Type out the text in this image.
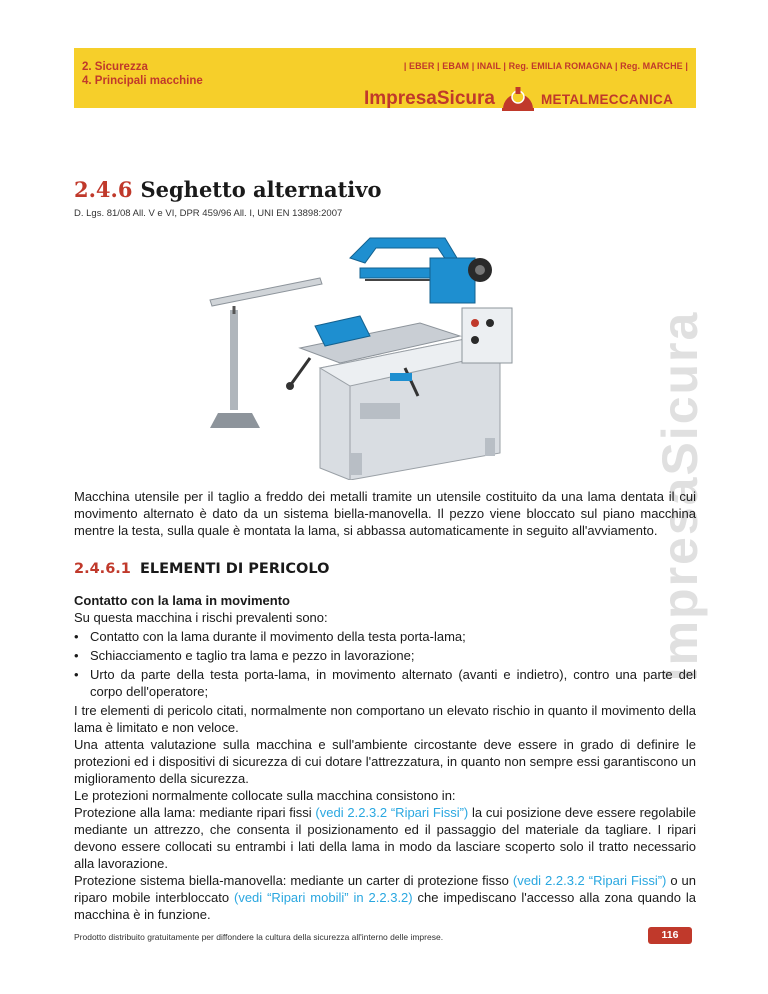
2. Sicurezza
4. Principali macchine
| EBER | EBAM | INAIL | Reg. EMILIA ROMAGNA | Reg. MARCHE |
ImpresaSicura	METALMECCANICA
ImpresaSicura
2.4.6 Seghetto alternativo
D. Lgs. 81/08 All. V e VI, DPR 459/96 All. I, UNI EN 13898:2007

Macchina utensile per il taglio a freddo dei metalli tramite un utensile costituito da una lama dentata il cui movimento alternato è dato da un sistema biella-manovella. Il pezzo viene bloccato sul piano macchina mentre la testa, sulla quale è montata la lama, si abbassa automaticamente in seguito all'avviamento.

2.4.6.1 ELEMENTI DI PERICOLO
Contatto con la lama in movimento

Su questa macchina i rischi prevalenti sono:

• Contatto con la lama durante il movimento della testa porta-lama;
• Schiacciamento e taglio tra lama e pezzo in lavorazione;
• Urto da parte della testa porta-lama, in movimento alternato (avanti e indietro), contro una parte del corpo dell'operatore;

I tre elementi di pericolo citati, normalmente non comportano un elevato rischio in quanto il movimento della lama è limitato e non veloce.

Una attenta valutazione sulla macchina e sull'ambiente circostante deve essere in grado di definire le protezioni ed i dispositivi di sicurezza di cui dotare l'attrezzatura, in quanto non sempre essi garantiscono un miglioramento della sicurezza.

Le protezioni normalmente collocate sulla macchina consistono in:

Protezione alla lama: mediante ripari fissi (vedi 2.2.3.2 “Ripari Fissi”) la cui posizione deve essere regolabile mediante un attrezzo, che consenta il posizionamento ed il passaggio del materiale da tagliare. I ripari devono essere collocati su entrambi i lati della lama in modo da lasciare scoperto solo il tratto necessario alla lavorazione.

Protezione sistema biella-manovella: mediante un carter di protezione fisso (vedi 2.2.3.2 “Ripari Fissi”) o un riparo mobile interbloccato (vedi “Ripari mobili” in 2.2.3.2) che impediscano l'accesso alla zona quando la macchina è in funzione.

Prodotto distribuito gratuitamente per diffondere la cultura della sicurezza all'interno delle imprese.	116
